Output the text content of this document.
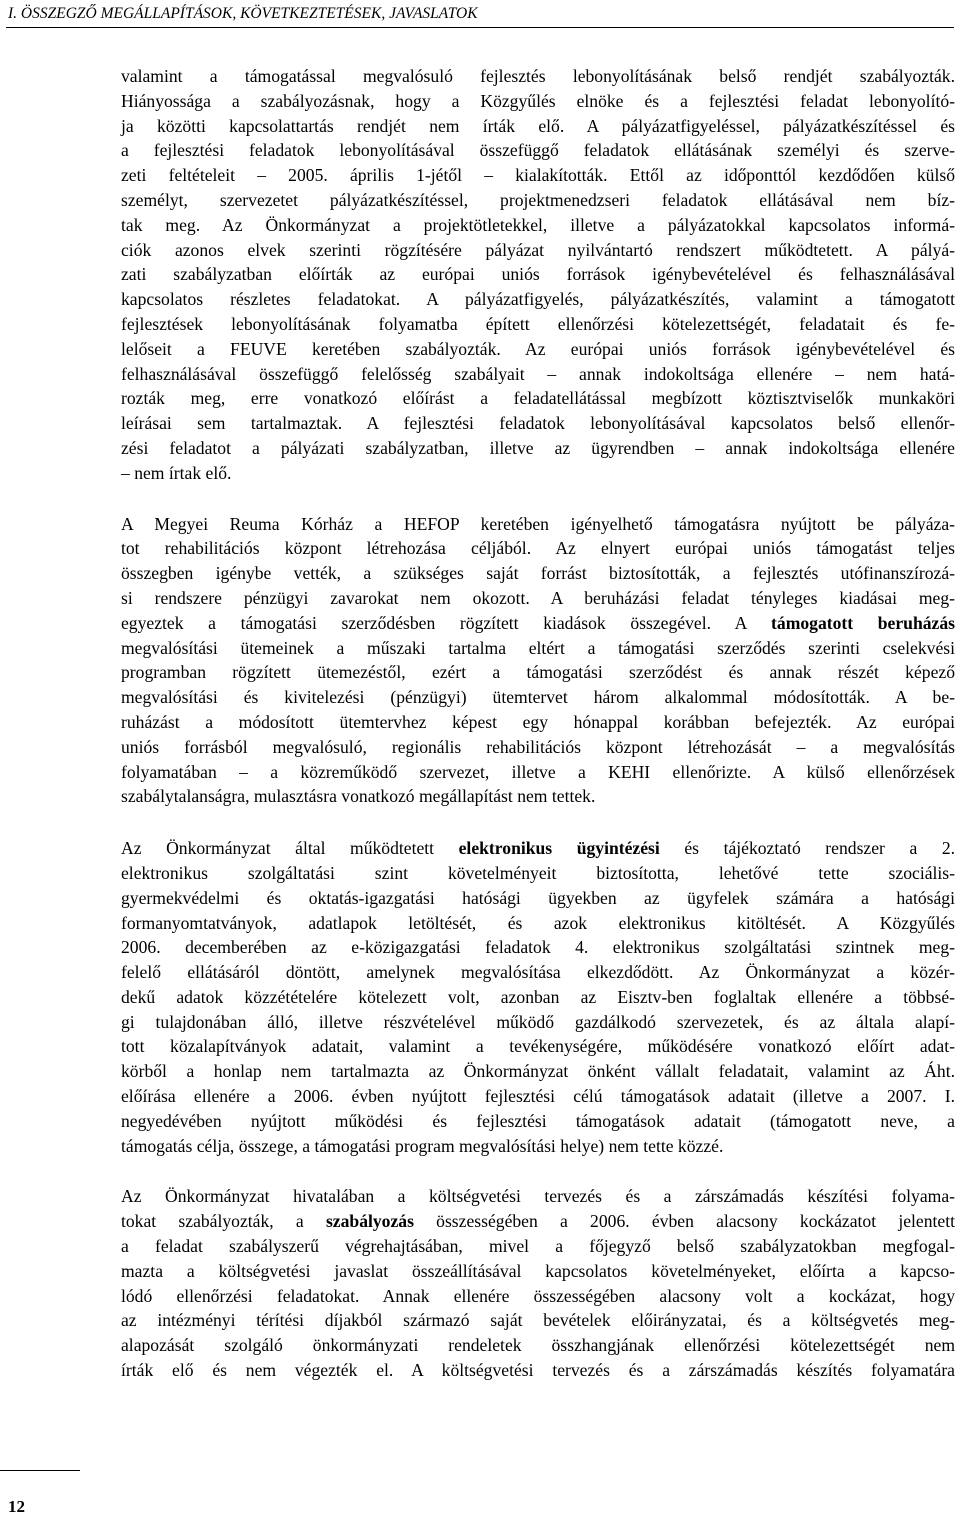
I. ÖSSZEGZŐ MEGÁLLAPÍTÁSOK, KÖVETKEZTETÉSEK, JAVASLATOK

valamint a támogatással megvalósuló fejlesztés lebonyolításának belső rendjét szabályozták.
Hiányossága a szabályozásnak, hogy a Közgyűlés elnöke és a fejlesztési feladat lebonyolító-
ja közötti kapcsolattartás rendjét nem írták elő. A pályázatfigyeléssel, pályázatkészítéssel és
a fejlesztési feladatok lebonyolításával összefüggő feladatok ellátásának személyi és szerve-
zeti feltételeit – 2005. április 1-jétől – kialakították. Ettől az időponttól kezdődően külső
személyt, szervezetet pályázatkészítéssel, projektmenedzseri feladatok ellátásával nem bíz-
tak meg. Az Önkormányzat a projektötletekkel, illetve a pályázatokkal kapcsolatos informá-
ciók azonos elvek szerinti rögzítésére pályázat nyilvántartó rendszert működtetett. A pályá-
zati szabályzatban előírták az európai uniós források igénybevételével és felhasználásával
kapcsolatos részletes feladatokat. A pályázatfigyelés, pályázatkészítés, valamint a támogatott
fejlesztések lebonyolításának folyamatba épített ellenőrzési kötelezettségét, feladatait és fe-
lelőseit a FEUVE keretében szabályozták. Az európai uniós források igénybevételével és
felhasználásával összefüggő felelősség szabályait – annak indokoltsága ellenére – nem hatá-
rozták meg, erre vonatkozó előírást a feladatellátással megbízott köztisztviselők munkaköri
leírásai sem tartalmaztak. A fejlesztési feladatok lebonyolításával kapcsolatos belső ellenőr-
zési feladatot a pályázati szabályzatban, illetve az ügyrendben – annak indokoltsága ellenére
– nem írtak elő.

A Megyei Reuma Kórház a HEFOP keretében igényelhető támogatásra nyújtott be pályáza-
tot rehabilitációs központ létrehozása céljából. Az elnyert európai uniós támogatást teljes
összegben igénybe vették, a szükséges saját forrást biztosították, a fejlesztés utófinanszírozá-
si rendszere pénzügyi zavarokat nem okozott. A beruházási feladat tényleges kiadásai meg-
egyeztek a támogatási szerződésben rögzített kiadások összegével. A támogatott beruházás
megvalósítási ütemeinek a műszaki tartalma eltért a támogatási szerződés szerinti cselekvési
programban rögzített ütemezéstől, ezért a támogatási szerződést és annak részét képező
megvalósítási és kivitelezési (pénzügyi) ütemtervet három alkalommal módosították. A be-
ruházást a módosított ütemtervhez képest egy hónappal korábban befejezték. Az európai
uniós forrásból megvalósuló, regionális rehabilitációs központ létrehozását – a megvalósítás
folyamatában – a közreműködő szervezet, illetve a KEHI ellenőrizte. A külső ellenőrzések
szabálytalanságra, mulasztásra vonatkozó megállapítást nem tettek.

Az Önkormányzat által működtetett elektronikus ügyintézési és tájékoztató rendszer a 2.
elektronikus szolgáltatási szint követelményeit biztosította, lehetővé tette szociális-
gyermekvédelmi és oktatás-igazgatási hatósági ügyekben az ügyfelek számára a hatósági
formanyomtatványok, adatlapok letöltését, és azok elektronikus kitöltését. A Közgyűlés
2006. decemberében az e-közigazgatási feladatok 4. elektronikus szolgáltatási szintnek meg-
felelő ellátásáról döntött, amelynek megvalósítása elkezdődött. Az Önkormányzat a közér-
dekű adatok közzétételére kötelezett volt, azonban az Eisztv-ben foglaltak ellenére a többsé-
gi tulajdonában álló, illetve részvételével működő gazdálkodó szervezetek, és az általa alapí-
tott közalapítványok adatait, valamint a tevékenységére, működésére vonatkozó előírt adat-
körből a honlap nem tartalmazta az Önkormányzat önként vállalt feladatait, valamint az Áht.
előírása ellenére a 2006. évben nyújtott fejlesztési célú támogatások adatait (illetve a 2007. I.
negyedévében nyújtott működési és fejlesztési támogatások adatait (támogatott neve, a
támogatás célja, összege, a támogatási program megvalósítási helye) nem tette közzé.

Az Önkormányzat hivatalában a költségvetési tervezés és a zárszámadás készítési folyama-
tokat szabályozták, a szabályozás összességében a 2006. évben alacsony kockázatot jelentett
a feladat szabályszerű végrehajtásában, mivel a főjegyző belső szabályzatokban megfogal-
mazta a költségvetési javaslat összeállításával kapcsolatos követelményeket, előírta a kapcso-
lódó ellenőrzési feladatokat. Annak ellenére összességében alacsony volt a kockázat, hogy
az intézményi térítési díjakból származó saját bevételek előirányzatai, és a költségvetés meg-
alapozását szolgáló önkormányzati rendeletek összhangjának ellenőrzési kötelezettségét nem
írták elő és nem végezték el. A költségvetési tervezés és a zárszámadás készítés folyamatára

12
